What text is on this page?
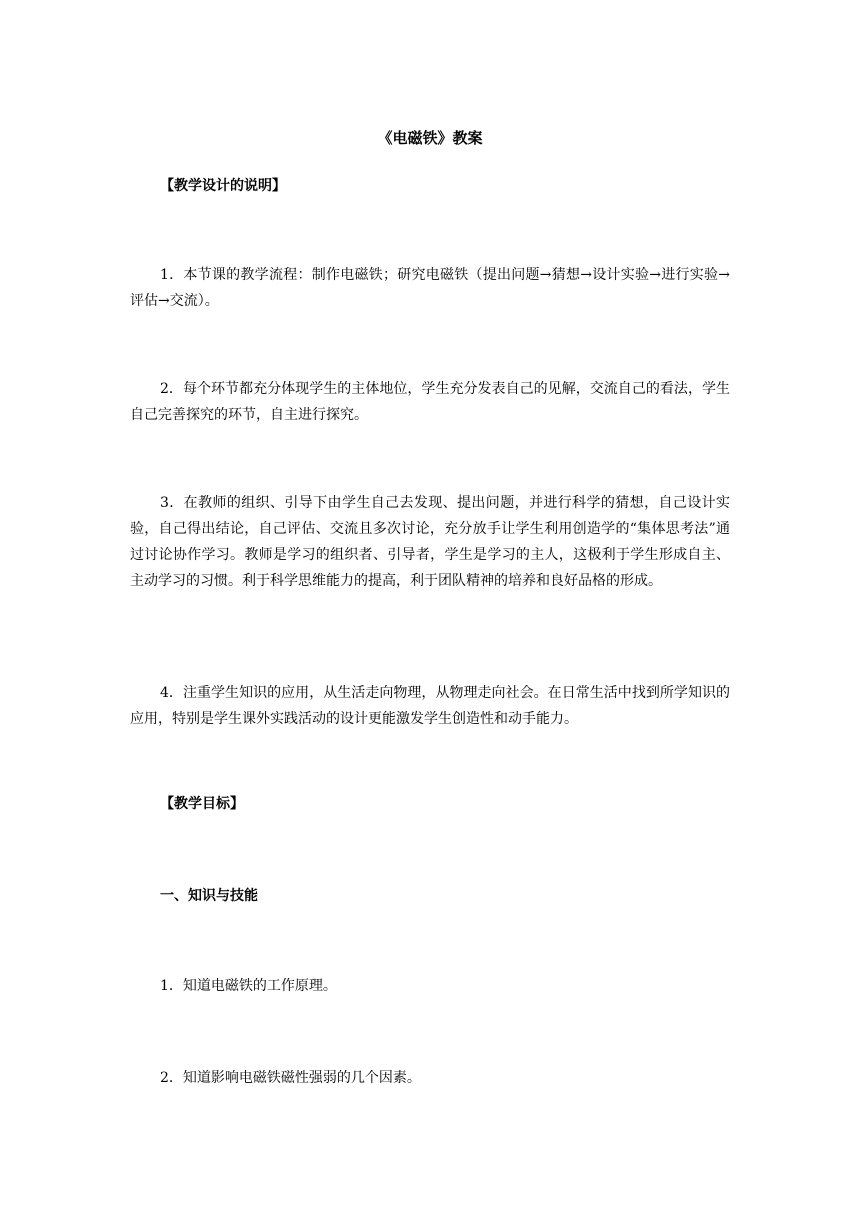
《电磁铁》教案
【教学设计的说明】
1．本节课的教学流程：制作电磁铁；研究电磁铁（提出问题→猜想→设计实验→进行实验→评估→交流）。
2．每个环节都充分体现学生的主体地位，学生充分发表自己的见解，交流自己的看法，学生自己完善探究的环节，自主进行探究。
3．在教师的组织、引导下由学生自己去发现、提出问题，并进行科学的猜想，自己设计实验，自己得出结论，自己评估、交流且多次讨论，充分放手让学生利用创造学的“集体思考法”通过讨论协作学习。教师是学习的组织者、引导者，学生是学习的主人，这极利于学生形成自主、主动学习的习惯。利于科学思维能力的提高，利于团队精神的培养和良好品格的形成。
4．注重学生知识的应用，从生活走向物理，从物理走向社会。在日常生活中找到所学知识的应用，特别是学生课外实践活动的设计更能激发学生创造性和动手能力。
【教学目标】
一、知识与技能
1．知道电磁铁的工作原理。
2．知道影响电磁铁磁性强弱的几个因素。
